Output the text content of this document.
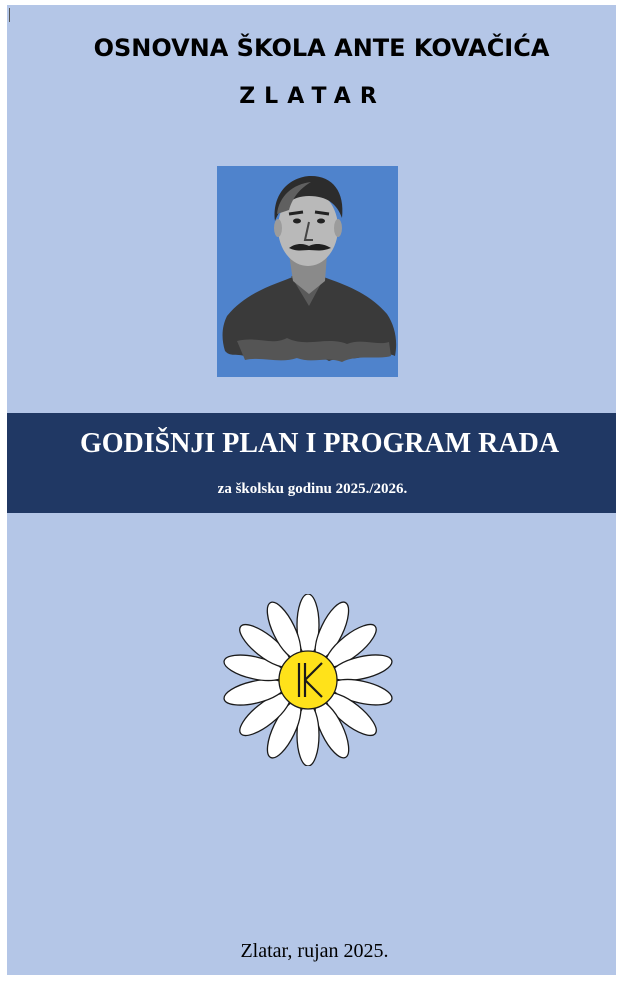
OSNOVNA ŠKOLA ANTE KOVAČIĆA
ZLATAR
GODIŠNJI PLAN I PROGRAM RADA
za školsku godinu 2025./2026.
Zlatar, rujan 2025.
